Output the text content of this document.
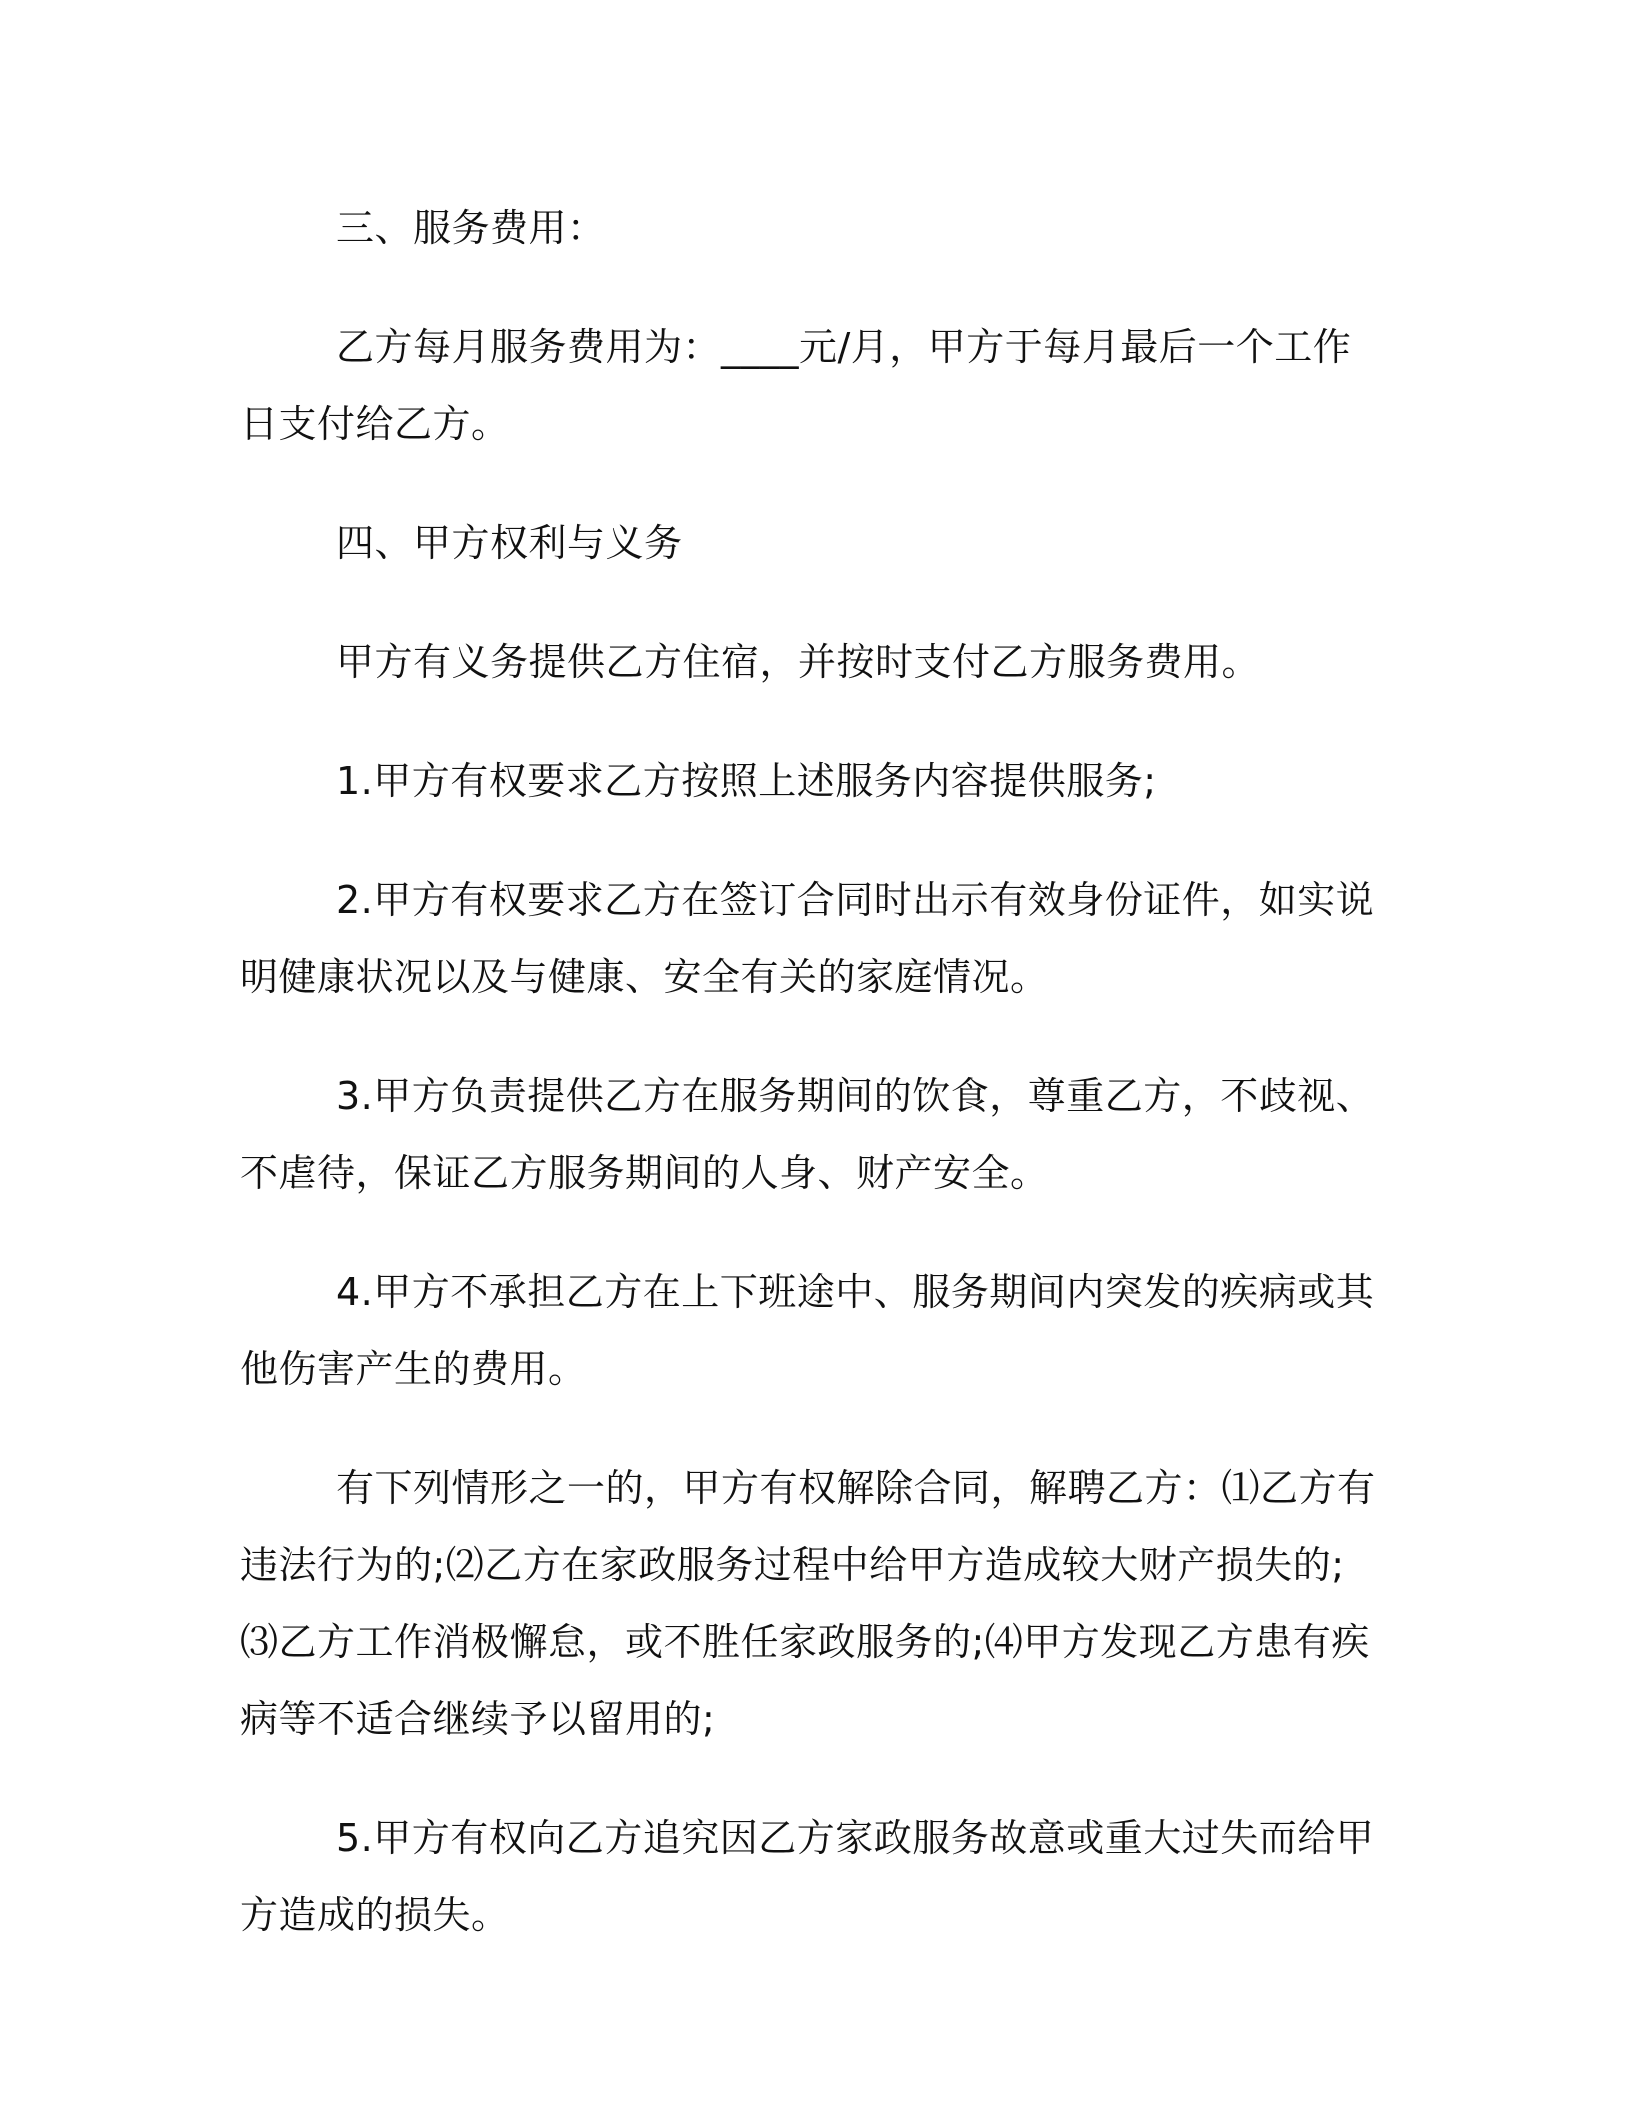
三、服务费用：

乙方每月服务费用为：____元/月，甲方于每月最后一个工作日支付给乙方。

四、甲方权利与义务

甲方有义务提供乙方住宿，并按时支付乙方服务费用。

1.甲方有权要求乙方按照上述服务内容提供服务;

2.甲方有权要求乙方在签订合同时出示有效身份证件，如实说明健康状况以及与健康、安全有关的家庭情况。

3.甲方负责提供乙方在服务期间的饮食，尊重乙方，不歧视、不虐待，保证乙方服务期间的人身、财产安全。

4.甲方不承担乙方在上下班途中、服务期间内突发的疾病或其他伤害产生的费用。

有下列情形之一的，甲方有权解除合同，解聘乙方：⑴乙方有违法行为的;⑵乙方在家政服务过程中给甲方造成较大财产损失的;⑶乙方工作消极懈怠，或不胜任家政服务的;⑷甲方发现乙方患有疾病等不适合继续予以留用的;

5.甲方有权向乙方追究因乙方家政服务故意或重大过失而给甲方造成的损失。
